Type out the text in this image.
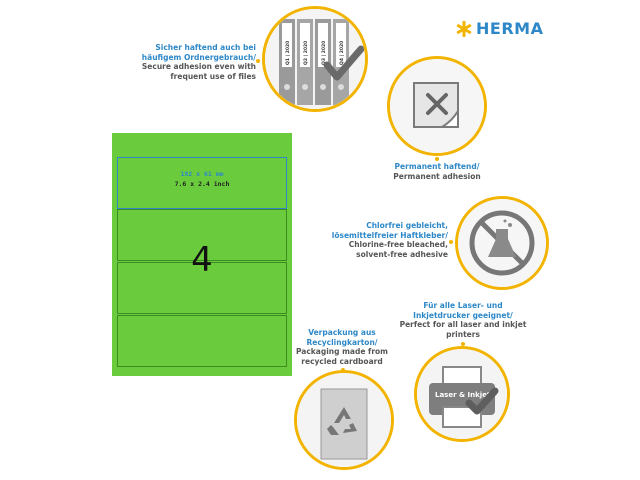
HERMA
Sicher haftend auch bei häufigem Ordnergebrauch/ Secure adhesion even with frequent use of files
Q1 | 2020	Q2 | 2020	Q3 | 2020	Q4 | 2020
Permanent haftend/
Permanent adhesion
Chlorfrei gebleicht, lösemittelfreier Haftkleber/ Chlorine-free bleached, solvent-free adhesive
Für alle Laser- und Inkjetdrucker geeignet/
Perfect for all laser and inkjet printers
Laser & Inkjet
Verpackung aus Recyclingkarton/
Packaging made from recycled cardboard
192 x 61 mm
7.6 x 2.4 inch
4
